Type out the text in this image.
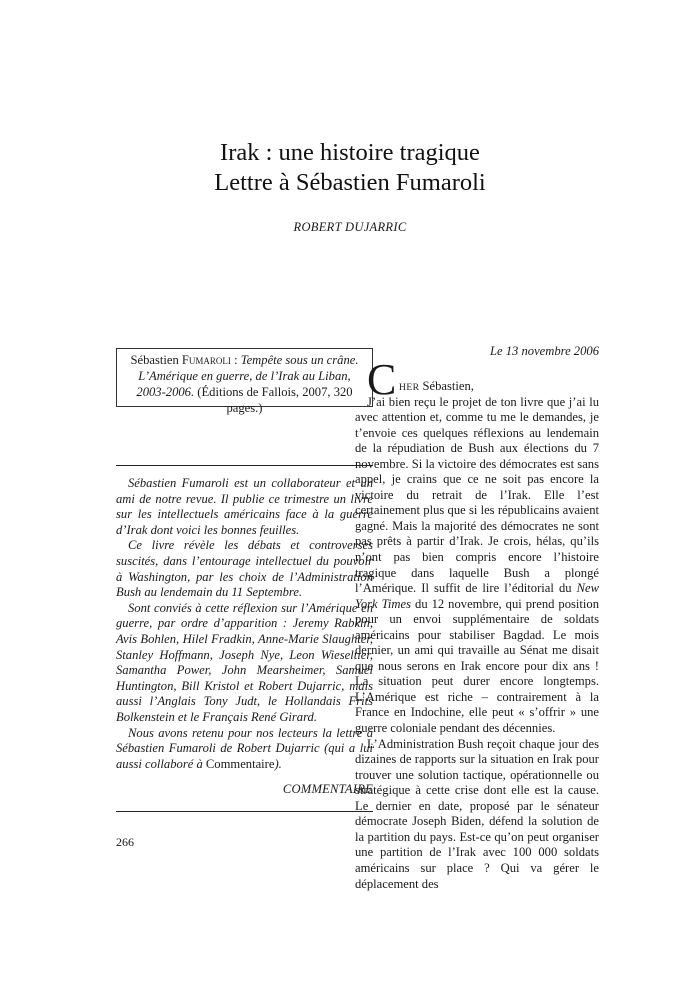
Irak : une histoire tragique
Lettre à Sébastien Fumaroli
ROBERT DUJARRIC
Sébastien Fumaroli : Tempête sous un crâne. L’Amérique en guerre, de l’Irak au Liban, 2003-2006. (Éditions de Fallois, 2007, 320 pages.)

Sébastien Fumaroli est un collaborateur et un ami de notre revue. Il publie ce trimestre un livre sur les intellectuels américains face à la guerre d’Irak dont voici les bonnes feuilles.

Ce livre révèle les débats et controverses suscités, dans l’entourage intellectuel du pouvoir à Washington, par les choix de l’Administration Bush au lendemain du 11 Septembre.

Sont conviés à cette réflexion sur l’Amérique en guerre, par ordre d’apparition : Jeremy Rabkin, Avis Bohlen, Hilel Fradkin, Anne-Marie Slaughter, Stanley Hoffmann, Joseph Nye, Leon Wieseltier, Samantha Power, John Mearsheimer, Samuel Huntington, Bill Kristol et Robert Dujarric, mais aussi l’Anglais Tony Judt, le Hollandais Frits Bolkenstein et le Français René Girard.

Nous avons retenu pour nos lecteurs la lettre à Sébastien Fumaroli de Robert Dujarric (qui a lui aussi collaboré à Commentaire).

COMMENTAIRE
Le 13 novembre 2006
C HER Sébastien,

J’ai bien reçu le projet de ton livre que j’ai lu avec attention et, comme tu me le demandes, je t’envoie ces quelques réflexions au lendemain de la répudiation de Bush aux élections du 7 novembre. Si la victoire des démocrates est sans appel, je crains que ce ne soit pas encore la victoire du retrait de l’Irak. Elle l’est certainement plus que si les républicains avaient gagné. Mais la majorité des démocrates ne sont pas prêts à partir d’Irak. Je crois, hélas, qu’ils n’ont pas bien compris encore l’histoire tragique dans laquelle Bush a plongé l’Amérique. Il suffit de lire l’éditorial du New York Times du 12 novembre, qui prend position pour un envoi supplémentaire de soldats américains pour stabiliser Bagdad. Le mois dernier, un ami qui travaille au Sénat me disait que nous serons en Irak encore pour dix ans ! La situation peut durer encore longtemps. L’Amérique est riche – contrairement à la France en Indochine, elle peut « s’offrir » une guerre coloniale pendant des décennies.

L’Administration Bush reçoit chaque jour des dizaines de rapports sur la situation en Irak pour trouver une solution tactique, opérationnelle ou stratégique à cette crise dont elle est la cause. Le dernier en date, proposé par le sénateur démocrate Joseph Biden, défend la solution de la partition du pays. Est-ce qu’on peut organiser une partition de l’Irak avec 100 000 soldats américains sur place ? Qui va gérer le déplacement des

266
